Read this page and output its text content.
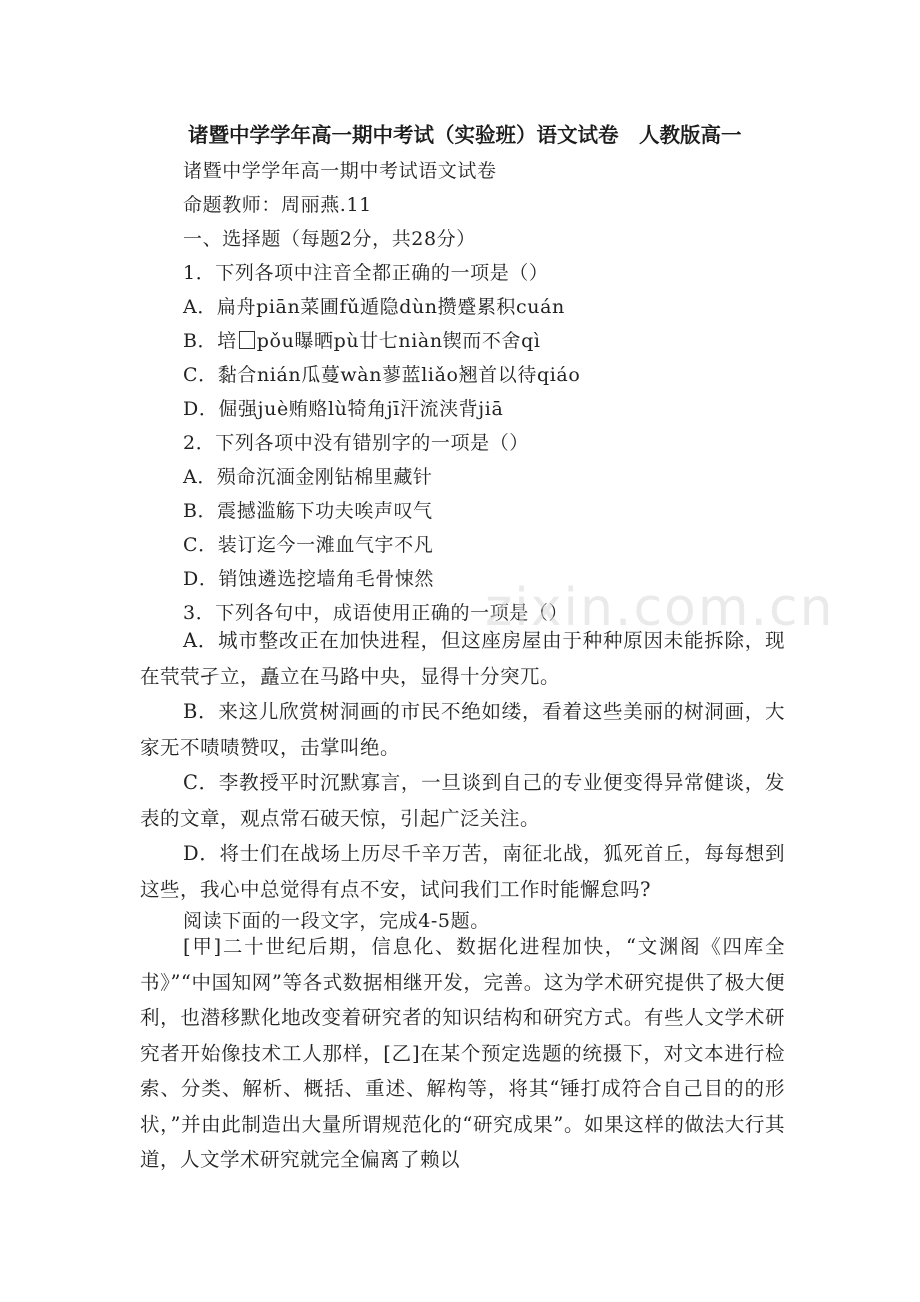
诸暨中学学年高一期中考试（实验班）语文试卷　人教版高一
诸暨中学学年高一期中考试语文试卷
命题教师：周丽燕.11
一、选择题（每题2分，共28分）
1．下列各项中注音全都正确的一项是（）
A．扁舟piān菜圃fǔ遁隐dùn攒蹙累积cuán
B．培 pǒu曝晒pù廿七niàn锲而不舍qì
C．黏合nián瓜蔓wàn蓼蓝liǎo翘首以待qiáo
D．倔强juè贿赂lù犄角jī汗流浃背jiā
2．下列各项中没有错别字的一项是（）
A．殒命沉湎金刚钻棉里藏针
B．震撼滥觞下功夫唉声叹气
C．装订迄今一滩血气宇不凡
D．销蚀遴选挖墙角毛骨悚然
3．下列各句中，成语使用正确的一项是（）
A．城市整改正在加快进程，但这座房屋由于种种原因未能拆除，现在茕茕孑立，矗立在马路中央，显得十分突兀。
B．来这儿欣赏树洞画的市民不绝如缕，看着这些美丽的树洞画，大家无不啧啧赞叹，击掌叫绝。
C．李教授平时沉默寡言，一旦谈到自己的专业便变得异常健谈，发表的文章，观点常石破天惊，引起广泛关注。
D．将士们在战场上历尽千辛万苦，南征北战，狐死首丘，每每想到这些，我心中总觉得有点不安，试问我们工作时能懈怠吗?
阅读下面的一段文字，完成4-5题。
[甲]二十世纪后期，信息化、数据化进程加快，“文渊阁《四库全书》”“中国知网”等各式数据相继开发，完善。这为学术研究提供了极大便利，也潜移默化地改变着研究者的知识结构和研究方式。有些人文学术研究者开始像技术工人那样，[乙]在某个预定选题的统摄下，对文本进行检索、分类、解析、概括、重述、解构等，将其“锤打成符合自己目的的形状，”并由此制造出大量所谓规范化的“研究成果”。如果这样的做法大行其道，人文学术研究就完全偏离了赖以
zixin.com.cn
